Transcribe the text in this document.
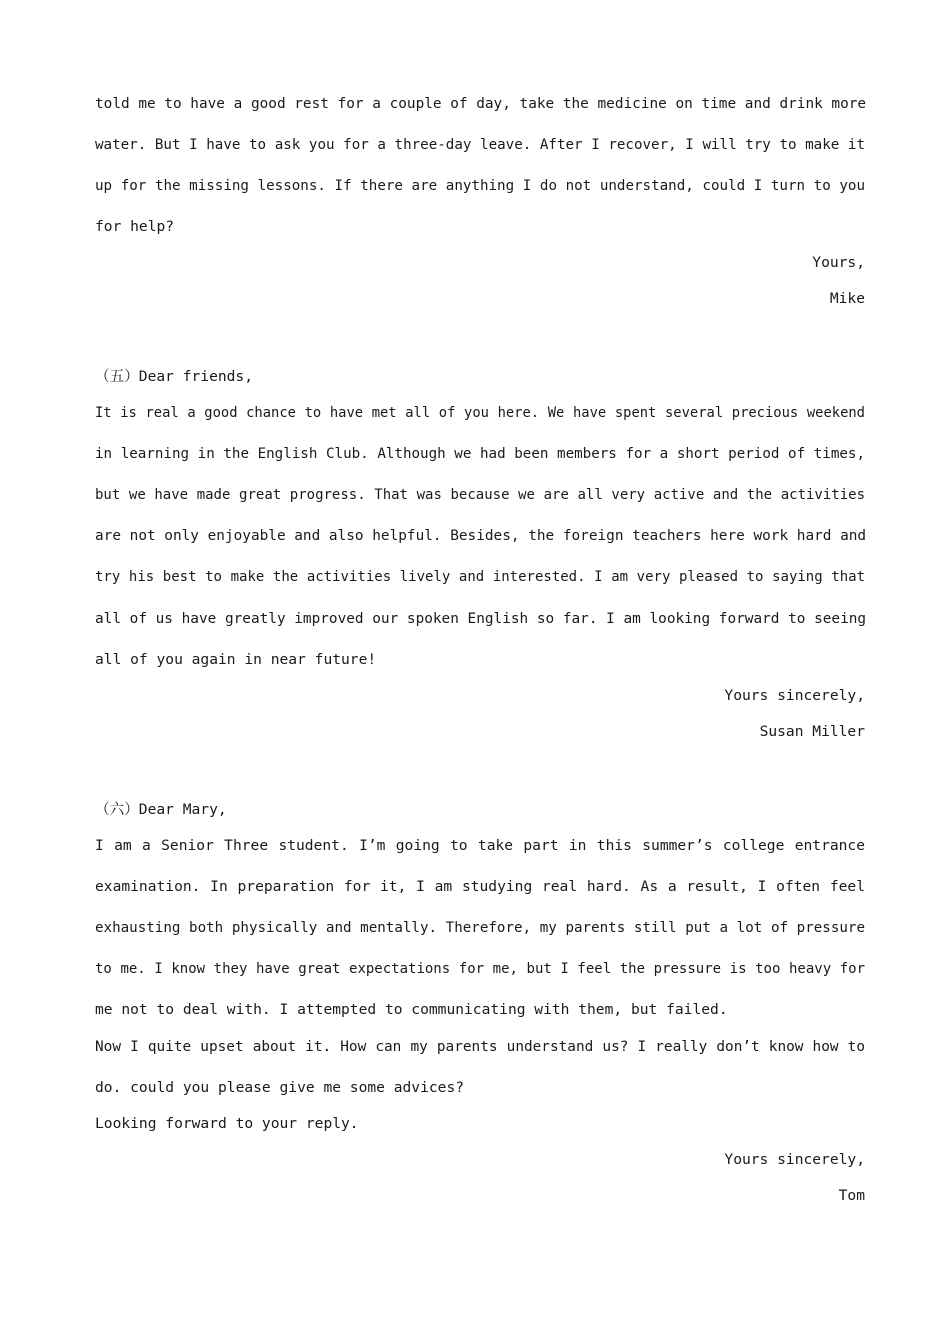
told me to have a good rest for a couple of day, take the medicine on time and drink more
water. But I have to ask you for a three-day leave. After I recover, I will try to make it
up for the missing lessons. If there are anything I do not understand, could I turn to you
for help?
Yours,
Mike
（五）Dear friends,
It is real a good chance to have met all of you here. We have spent several precious weekend
in learning in the English Club. Although we had been members for a short period of times,
but we have made great progress. That was because we are all very active and the activities
are not only enjoyable and also helpful. Besides, the foreign teachers here work hard and
try his best to make the activities lively and interested. I am very pleased to saying that
all of us have greatly improved our spoken English so far. I am looking forward to seeing
all of you again in near future!
Yours sincerely,
Susan Miller
（六）Dear Mary,
I am a Senior Three student. I’m going to take part in this summer’s college entrance
examination. In preparation for it, I am studying real hard. As a result, I often feel
exhausting both physically and mentally. Therefore, my parents still put a lot of pressure
to me. I know they have great expectations for me, but I feel the pressure is too heavy for
me not to deal with. I attempted to communicating with them, but failed.
Now I quite upset about it. How can my parents understand us? I really don’t know how to
do. could you please give me some advices?
Looking forward to your reply.
Yours sincerely,
Tom
